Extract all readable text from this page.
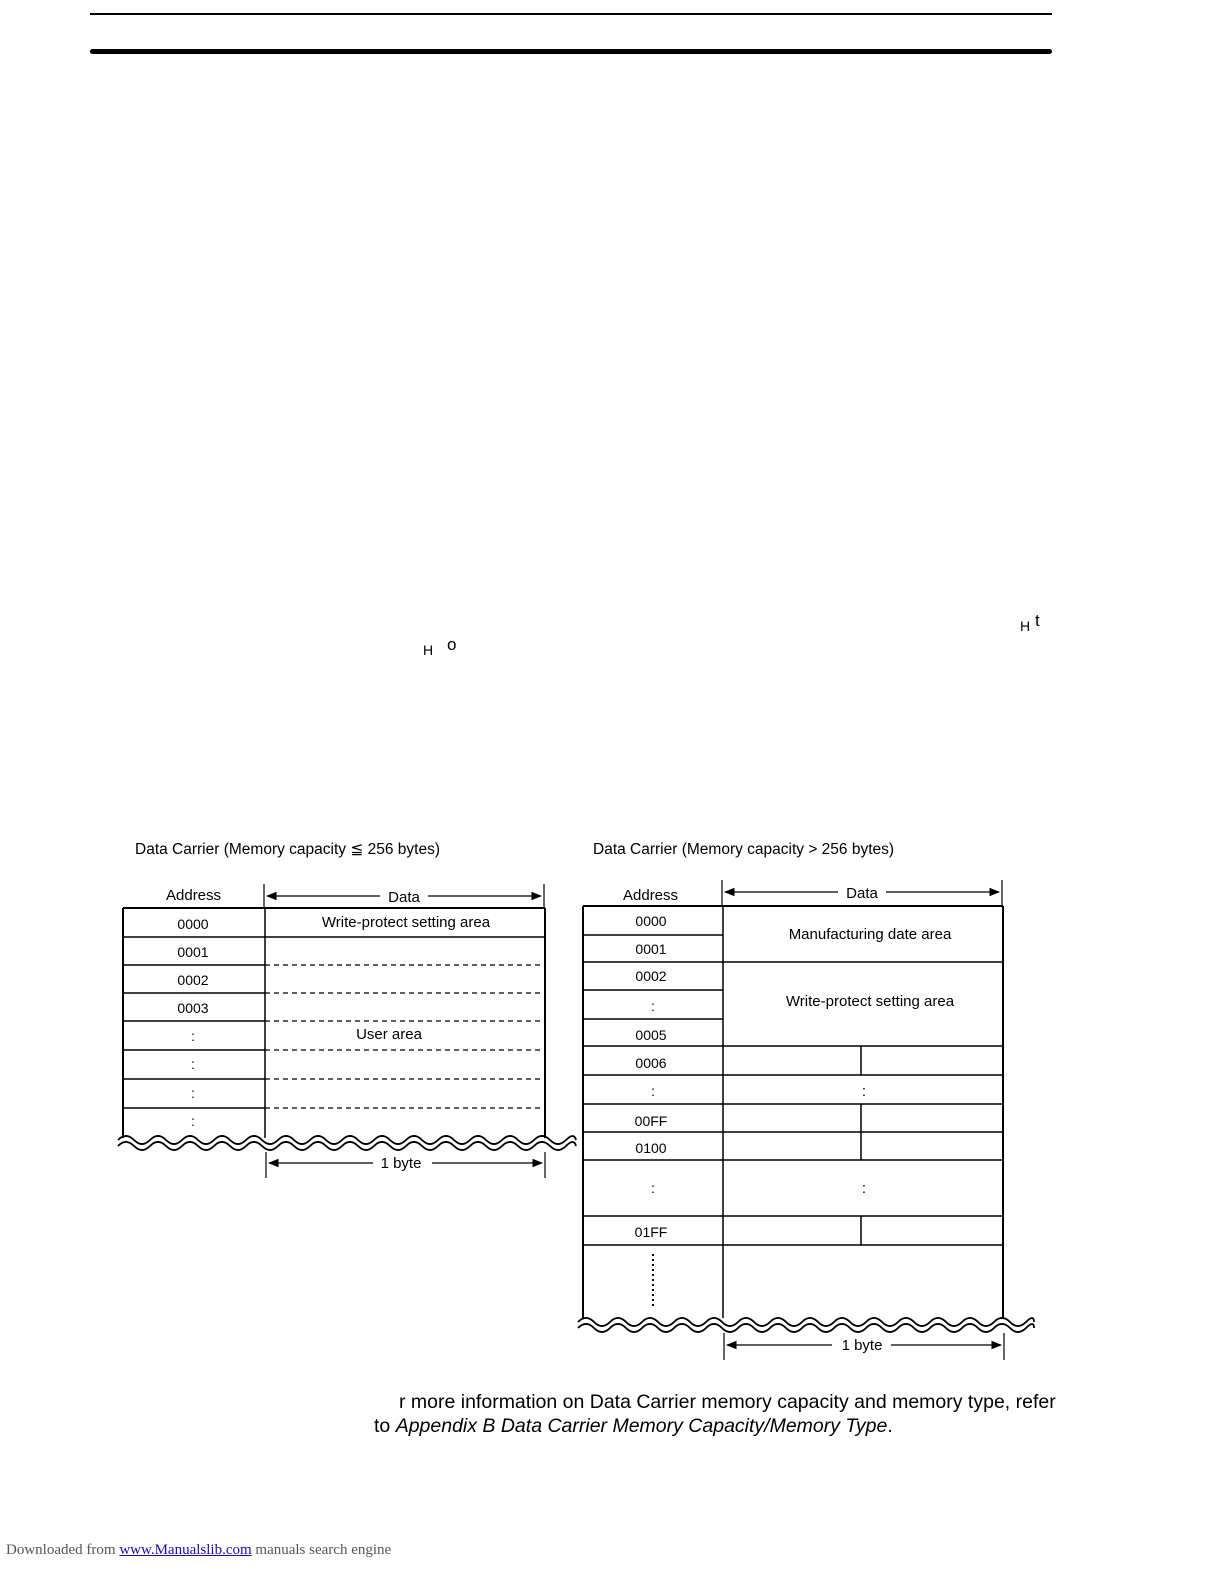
H t
H o
Data Carrier (Memory capacity ≦ 256 bytes)
Address	Data
0000
0001
0002
0003
:
:
:
:
Write-protect setting area
User area
1 byte
Data Carrier (Memory capacity > 256 bytes)
Address	Data
0000
0001
0002
:
0005
0006
:
00FF
0100
:
01FF
Manufacturing date area
Write-protect setting area
:
:
1 byte
r more information on Data Carrier memory capacity and memory type, refer
to Appendix B Data Carrier Memory Capacity/Memory Type.
Downloaded from www.Manualslib.com manuals search engine
